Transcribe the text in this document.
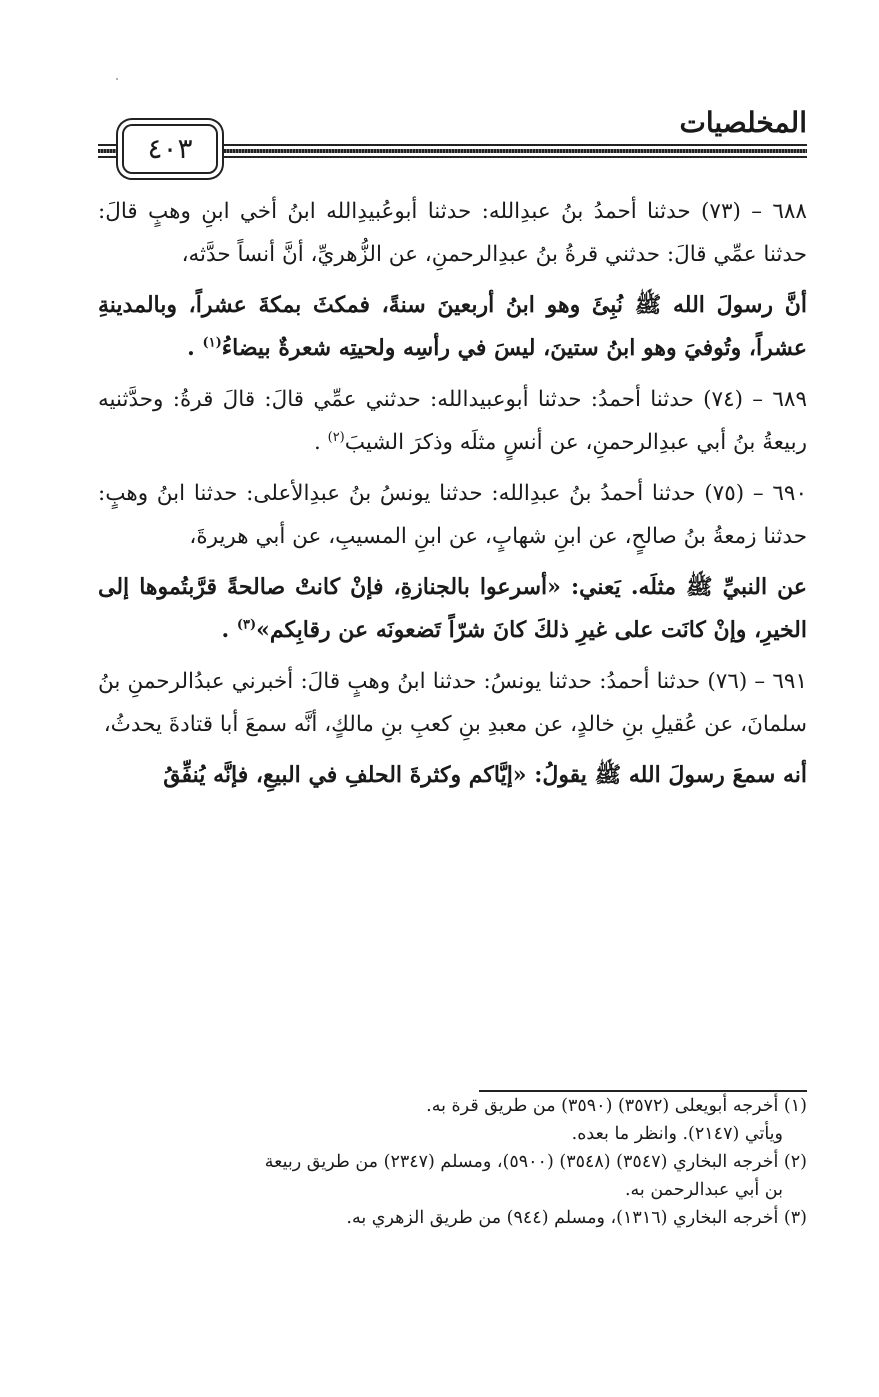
المخلصيات
٤٠٣

٦٨٨ – (٧٣) حدثنا أحمدُ بنُ عبدِالله: حدثنا أبوعُبيدِالله ابنُ أخي ابنِ وهبٍ قالَ: حدثنا عمِّي قالَ: حدثني قرةُ بنُ عبدِالرحمنِ، عن الزُّهريِّ، أنَّ أنساً حدَّثه،

أنَّ رسولَ الله ﷺ نُبِئَ وهو ابنُ أربعينَ سنةً، فمكثَ بمكةَ عشراً، وبالمدينةِ عشراً، وتُوفيَ وهو ابنُ ستينَ، ليسَ في رأسِه ولحيتِه شعرةٌ بيضاءُ$^{(١)}$ .

٦٨٩ – (٧٤) حدثنا أحمدُ: حدثنا أبوعبيدالله: حدثني عمِّي قالَ: قالَ قرةُ: وحدَّثنيه ربيعةُ بنُ أبي عبدِالرحمنِ، عن أنسٍ مثلَه وذكرَ الشيبَ$^{(٢)}$ .

٦٩٠ – (٧٥) حدثنا أحمدُ بنُ عبدِالله: حدثنا يونسُ بنُ عبدِالأعلى: حدثنا ابنُ وهبٍ: حدثنا زمعةُ بنُ صالحٍ، عن ابنِ شهابٍ، عن ابنِ المسيبِ، عن أبي هريرةَ،

عن النبيِّ ﷺ مثلَه. يَعني: «أسرعوا بالجنازةِ، فإنْ كانتْ صالحةً قرَّبتُموها إلى الخيرِ، وإنْ كانَت على غيرِ ذلكَ كانَ شرّاً تَضعونَه عن رقابِكم»$^{(٣)}$ .

٦٩١ – (٧٦) حدثنا أحمدُ: حدثنا يونسُ: حدثنا ابنُ وهبٍ قالَ: أخبرني عبدُالرحمنِ بنُ سلمانَ، عن عُقيلِ بنِ خالدٍ، عن معبدِ بنِ كعبِ بنِ مالكٍ، أنَّه سمعَ أبا قتادةَ يحدثُ،

أنه سمعَ رسولَ الله ﷺ يقولُ: «إيَّاكم وكثرةَ الحلفِ في البيعِ، فإنَّه يُنفِّقُ

(١) أخرجه أبويعلى (٣٥٧٢) (٣٥٩٠) من طريق قرة به.

ويأتي (٢١٤٧). وانظر ما بعده.

(٢) أخرجه البخاري (٣٥٤٧) (٣٥٤٨) (٥٩٠٠)، ومسلم (٢٣٤٧) من طريق ربيعة

بن أبي عبدالرحمن به.

(٣) أخرجه البخاري (١٣١٦)، ومسلم (٩٤٤) من طريق الزهري به.
